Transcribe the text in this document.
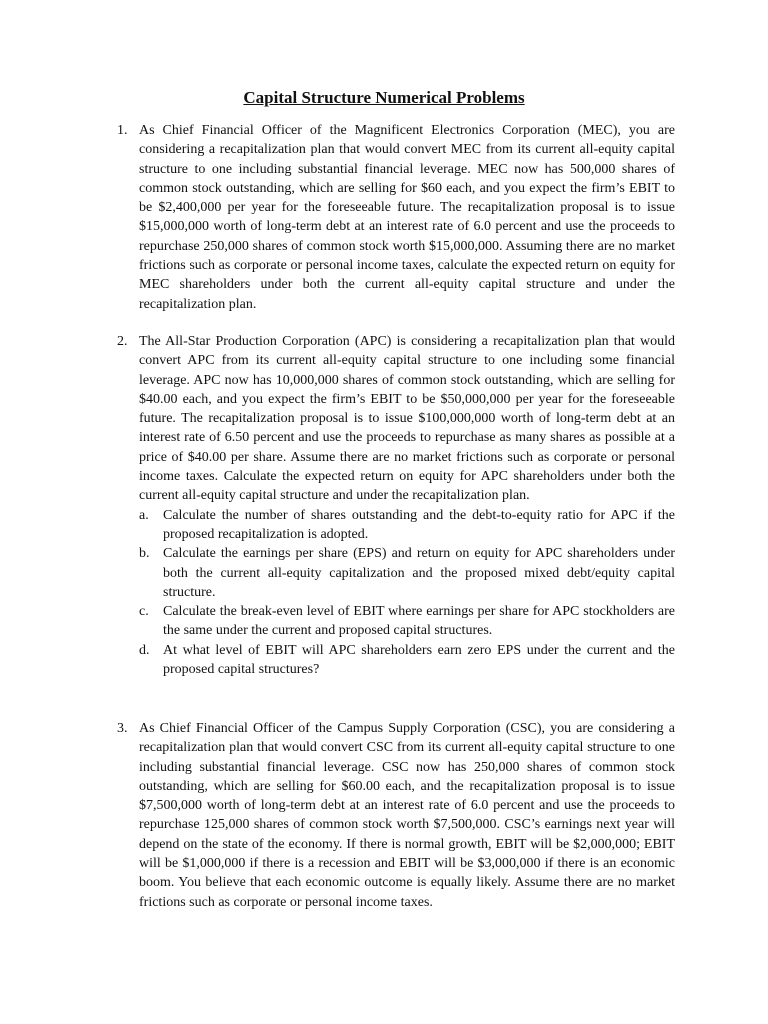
Capital Structure Numerical Problems
1. As Chief Financial Officer of the Magnificent Electronics Corporation (MEC), you are considering a recapitalization plan that would convert MEC from its current all-equity capital structure to one including substantial financial leverage. MEC now has 500,000 shares of common stock outstanding, which are selling for $60 each, and you expect the firm’s EBIT to be $2,400,000 per year for the foreseeable future. The recapitalization proposal is to issue $15,000,000 worth of long-term debt at an interest rate of 6.0 percent and use the proceeds to repurchase 250,000 shares of common stock worth $15,000,000. Assuming there are no market frictions such as corporate or personal income taxes, calculate the expected return on equity for MEC shareholders under both the current all-equity capital structure and under the recapitalization plan.
2. The All-Star Production Corporation (APC) is considering a recapitalization plan that would convert APC from its current all-equity capital structure to one including some financial leverage. APC now has 10,000,000 shares of common stock outstanding, which are selling for $40.00 each, and you expect the firm’s EBIT to be $50,000,000 per year for the foreseeable future. The recapitalization proposal is to issue $100,000,000 worth of long-term debt at an interest rate of 6.50 percent and use the proceeds to repurchase as many shares as possible at a price of $40.00 per share. Assume there are no market frictions such as corporate or personal income taxes. Calculate the expected return on equity for APC shareholders under both the current all-equity capital structure and under the recapitalization plan.
a. Calculate the number of shares outstanding and the debt-to-equity ratio for APC if the proposed recapitalization is adopted.
b. Calculate the earnings per share (EPS) and return on equity for APC shareholders under both the current all-equity capitalization and the proposed mixed debt/equity capital structure.
c. Calculate the break-even level of EBIT where earnings per share for APC stockholders are the same under the current and proposed capital structures.
d. At what level of EBIT will APC shareholders earn zero EPS under the current and the proposed capital structures?
3. As Chief Financial Officer of the Campus Supply Corporation (CSC), you are considering a recapitalization plan that would convert CSC from its current all-equity capital structure to one including substantial financial leverage. CSC now has 250,000 shares of common stock outstanding, which are selling for $60.00 each, and the recapitalization proposal is to issue $7,500,000 worth of long-term debt at an interest rate of 6.0 percent and use the proceeds to repurchase 125,000 shares of common stock worth $7,500,000. CSC’s earnings next year will depend on the state of the economy. If there is normal growth, EBIT will be $2,000,000; EBIT will be $1,000,000 if there is a recession and EBIT will be $3,000,000 if there is an economic boom. You believe that each economic outcome is equally likely. Assume there are no market frictions such as corporate or personal income taxes.
